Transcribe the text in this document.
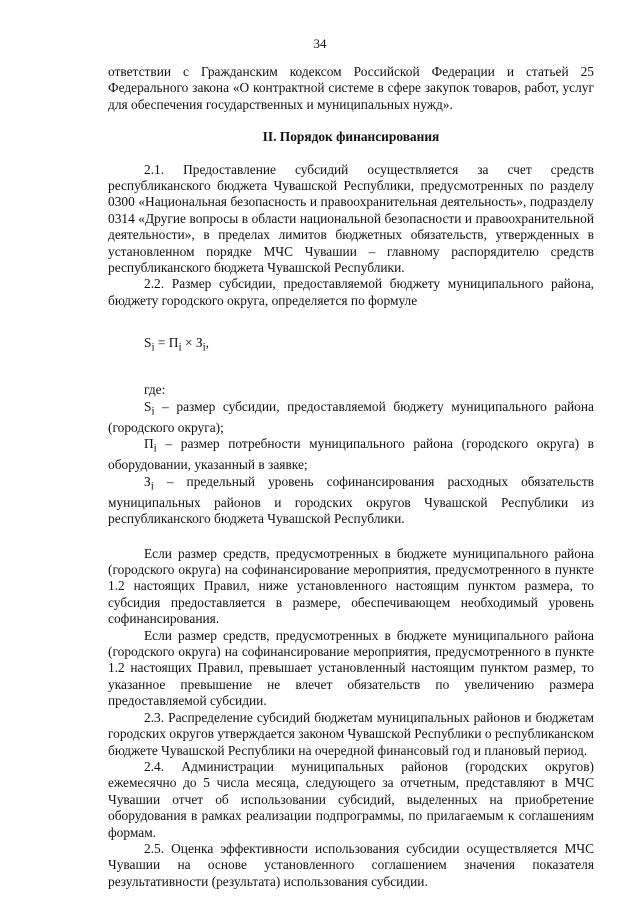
34

ответствии с Гражданским кодексом Российской Федерации и статьей 25 Федерального закона «О контрактной системе в сфере закупок товаров, работ, услуг для обеспечения государственных и муниципальных нужд».

II. Порядок финансирования

2.1. Предоставление субсидий осуществляется за счет средств республиканского бюджета Чувашской Республики, предусмотренных по разделу 0300 «Национальная безопасность и правоохранительная деятельность», подразделу 0314 «Другие вопросы в области национальной безопасности и правоохранительной деятельности», в пределах лимитов бюджетных обязательств, утвержденных в установленном порядке МЧС Чувашии – главному распорядителю средств республиканского бюджета Чувашской Республики.

2.2. Размер субсидии, предоставляемой бюджету муниципального района, бюджету городского округа, определяется по формуле

$S_i = П_i \times З_i$,

где:

$S_i$ – размер субсидии, предоставляемой бюджету муниципального района (городского округа);

$П_i$ – размер потребности муниципального района (городского округа) в оборудовании, указанный в заявке;

$З_i$ – предельный уровень софинансирования расходных обязательств муниципальных районов и городских округов Чувашской Республики из республиканского бюджета Чувашской Республики.

Если размер средств, предусмотренных в бюджете муниципального района (городского округа) на софинансирование мероприятия, предусмотренного в пункте 1.2 настоящих Правил, ниже установленного настоящим пунктом размера, то субсидия предоставляется в размере, обеспечивающем необходимый уровень софинансирования.

Если размер средств, предусмотренных в бюджете муниципального района (городского округа) на софинансирование мероприятия, предусмотренного в пункте 1.2 настоящих Правил, превышает установленный настоящим пунктом размер, то указанное превышение не влечет обязательств по увеличению размера предоставляемой субсидии.

2.3. Распределение субсидий бюджетам муниципальных районов и бюджетам городских округов утверждается законом Чувашской Республики о республиканском бюджете Чувашской Республики на очередной финансовый год и плановый период.

2.4. Администрации муниципальных районов (городских округов) ежемесячно до 5 числа месяца, следующего за отчетным, представляют в МЧС Чувашии отчет об использовании субсидий, выделенных на приобретение оборудования в рамках реализации подпрограммы, по прилагаемым к соглашениям формам.

2.5. Оценка эффективности использования субсидии осуществляется МЧС Чувашии на основе установленного соглашением значения показателя результативности (результата) использования субсидии.
